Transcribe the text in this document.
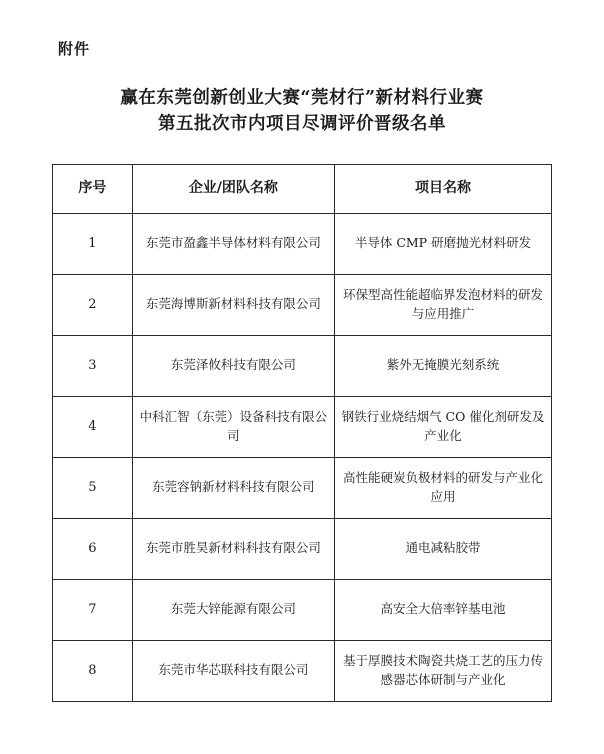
附件
赢在东莞创新创业大赛“莞材行”新材料行业赛
第五批次市内项目尽调评价晋级名单
序号	企业/团队名称	项目名称
1	东莞市盈鑫半导体材料有限公司	半导体 CMP 研磨抛光材料研发
2	东莞海博斯新材料科技有限公司	环保型高性能超临界发泡材料的研发与应用推广
3	东莞泽攸科技有限公司	紫外无掩膜光刻系统
4	中科汇智（东莞）设备科技有限公司	钢铁行业烧结烟气 CO 催化剂研发及产业化
5	东莞容钠新材料科技有限公司	高性能硬炭负极材料的研发与产业化应用
6	东莞市胜昊新材料科技有限公司	通电减粘胶带
7	东莞大锌能源有限公司	高安全大倍率锌基电池
8	东莞市华芯联科技有限公司	基于厚膜技术陶瓷共烧工艺的压力传感器芯体研制与产业化
